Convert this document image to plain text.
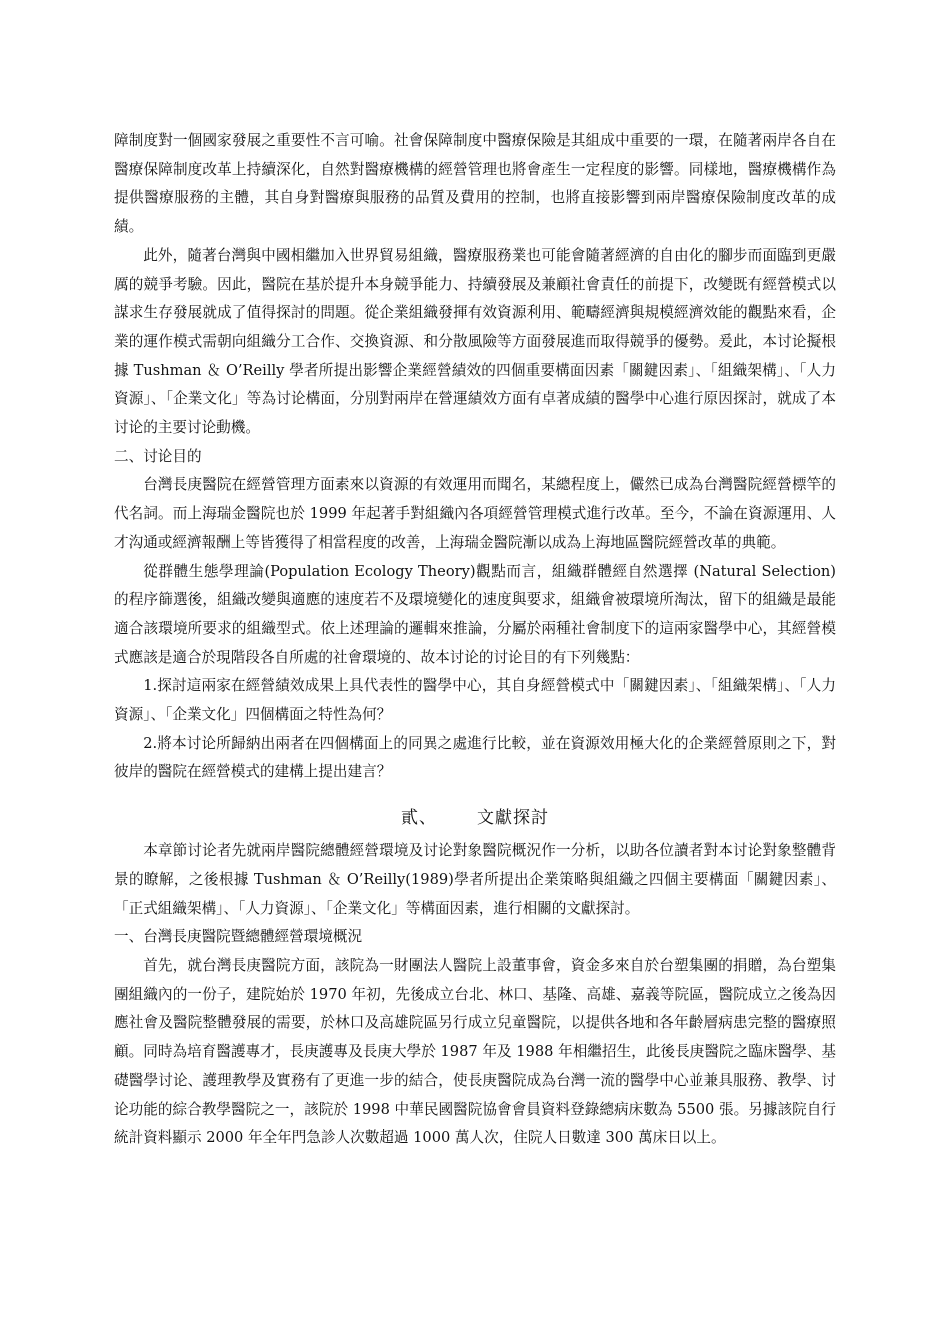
障制度對一個國家發展之重要性不言可喻。社會保障制度中醫療保險是其組成中重要的一環，在隨著兩岸各自在醫療保障制度改革上持續深化，自然對醫療機構的經營管理也將會產生一定程度的影響。同樣地，醫療機構作為提供醫療服務的主體，其自身對醫療與服務的品質及費用的控制，也將直接影響到兩岸醫療保險制度改革的成績。

此外，隨著台灣與中國相繼加入世界貿易組織，醫療服務業也可能會隨著經濟的自由化的腳步而面臨到更嚴厲的競爭考驗。因此，醫院在基於提升本身競爭能力、持續發展及兼顧社會責任的前提下，改變既有經營模式以謀求生存發展就成了值得探討的問題。從企業組織發揮有效資源利用、範疇經濟與規模經濟效能的觀點來看，企業的運作模式需朝向組織分工合作、交換資源、和分散風險等方面發展進而取得競爭的優勢。爰此，本讨论擬根據 Tushman ＆ O’Reilly 學者所提出影響企業經營績效的四個重要構面因素「關鍵因素」、「組織架構」、「人力資源」、「企業文化」等為讨论構面，分別對兩岸在營運績效方面有卓著成績的醫學中心進行原因探討，就成了本讨论的主要讨论動機。

二、讨论目的

台灣長庚醫院在經營管理方面素來以資源的有效運用而聞名，某總程度上，儼然已成為台灣醫院經營標竿的代名詞。而上海瑞金醫院也於 1999 年起著手對組織內各項經營管理模式進行改革。至今，不論在資源運用、人才沟通或經濟報酬上等皆獲得了相當程度的改善，上海瑞金醫院漸以成為上海地區醫院經營改革的典範。

從群體生態學理論(Population Ecology Theory)觀點而言，組織群體經自然選擇 (Natural Selection) 的程序篩選後，組織改變與適應的速度若不及環境變化的速度與要求，組織會被環境所淘汰，留下的組織是最能適合該環境所要求的組織型式。依上述理論的邏輯來推論，分屬於兩種社會制度下的這兩家醫學中心，其經營模式應該是適合於現階段各自所處的社會環境的、故本讨论的讨论目的有下列幾點：

1.探討這兩家在經營績效成果上具代表性的醫學中心，其自身經營模式中「關鍵因素」、「組織架構」、「人力資源」、「企業文化」四個構面之特性為何？

2.將本讨论所歸納出兩者在四個構面上的同異之處進行比較，並在資源效用極大化的企業經營原則之下，對彼岸的醫院在經營模式的建構上提出建言？

貳、 文獻探討

本章節讨论者先就兩岸醫院總體經營環境及讨论對象醫院概況作一分析，以助各位讀者對本讨论對象整體背景的瞭解，之後根據 Tushman ＆ O’Reilly(1989)學者所提出企業策略與組織之四個主要構面「關鍵因素」、「正式組織架構」、「人力資源」、「企業文化」等構面因素，進行相關的文獻探討。

一、台灣長庚醫院暨總體經營環境概況

首先，就台灣長庚醫院方面，該院為一財團法人醫院上設董事會，資金多來自於台塑集團的捐贈，為台塑集團組織內的一份子，建院始於 1970 年初，先後成立台北、林口、基隆、高雄、嘉義等院區，醫院成立之後為因應社會及醫院整體發展的需要，於林口及高雄院區另行成立兒童醫院，以提供各地和各年齡層病患完整的醫療照顧。同時為培育醫護專才，長庚護專及長庚大學於 1987 年及 1988 年相繼招生，此後長庚醫院之臨床醫學、基礎醫學讨论、護理教學及實務有了更進一步的結合，使長庚醫院成為台灣一流的醫學中心並兼具服務、教學、讨论功能的綜合教學醫院之一，該院於 1998 中華民國醫院協會會員資料登錄總病床數為 5500 張。另據該院自行統計資料顯示 2000 年全年門急診人次數超過 1000 萬人次，住院人日數達 300 萬床日以上。
